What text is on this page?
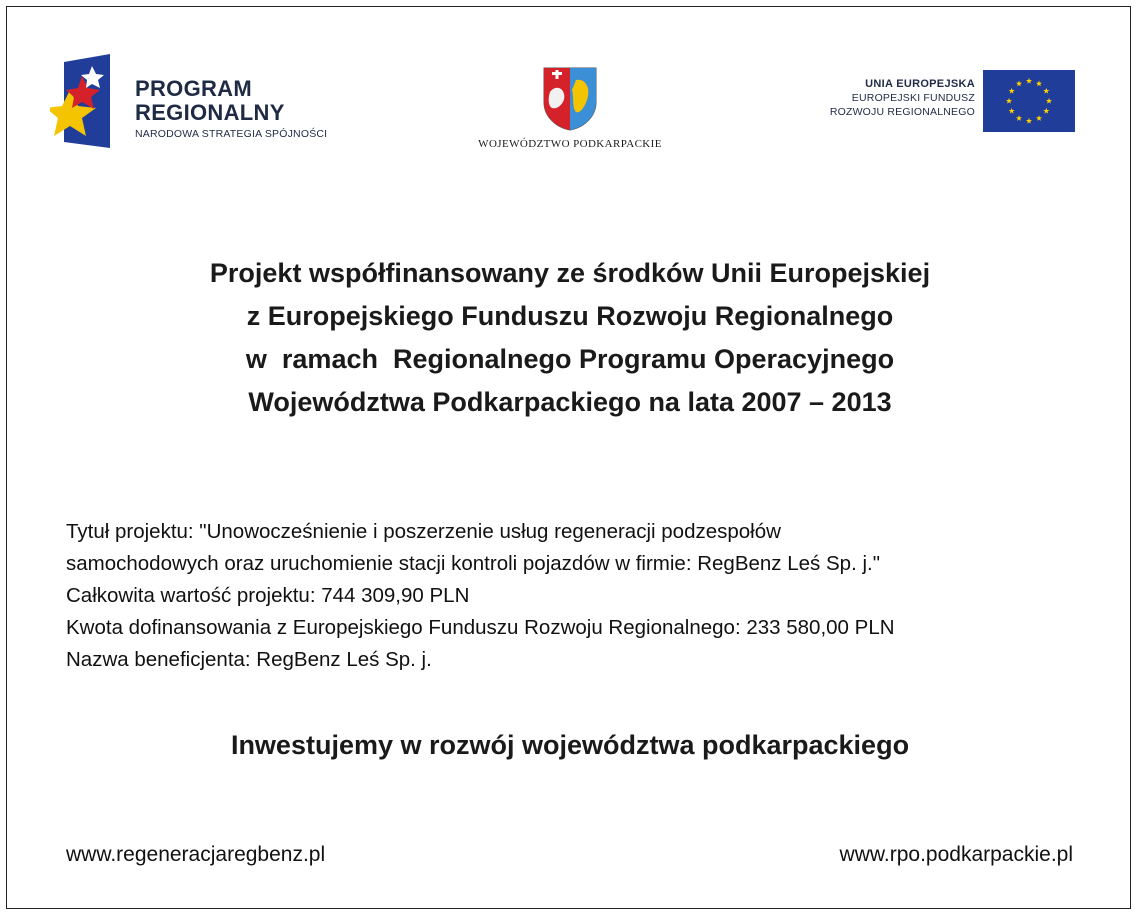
PROGRAM
REGIONALNY
NARODOWA STRATEGIA SPÓJNOŚCI
WOJEWÓDZTWO PODKARPACKIE
UNIA EUROPEJSKA
EUROPEJSKI FUNDUSZ
ROZWOJU REGIONALNEGO
Projekt współfinansowany ze środków Unii Europejskiej
z Europejskiego Funduszu Rozwoju Regionalnego
w  ramach  Regionalnego Programu Operacyjnego
Województwa Podkarpackiego na lata 2007 – 2013
Tytuł projektu: "Unowocześnienie i poszerzenie usług regeneracji podzespołów
samochodowych oraz uruchomienie stacji kontroli pojazdów w firmie: RegBenz Leś Sp. j."
Całkowita wartość projektu: 744 309,90 PLN
Kwota dofinansowania z Europejskiego Funduszu Rozwoju Regionalnego: 233 580,00 PLN
Nazwa beneficjenta: RegBenz Leś Sp. j.
Inwestujemy w rozwój województwa podkarpackiego
www.regeneracjaregbenz.pl	www.rpo.podkarpackie.pl
